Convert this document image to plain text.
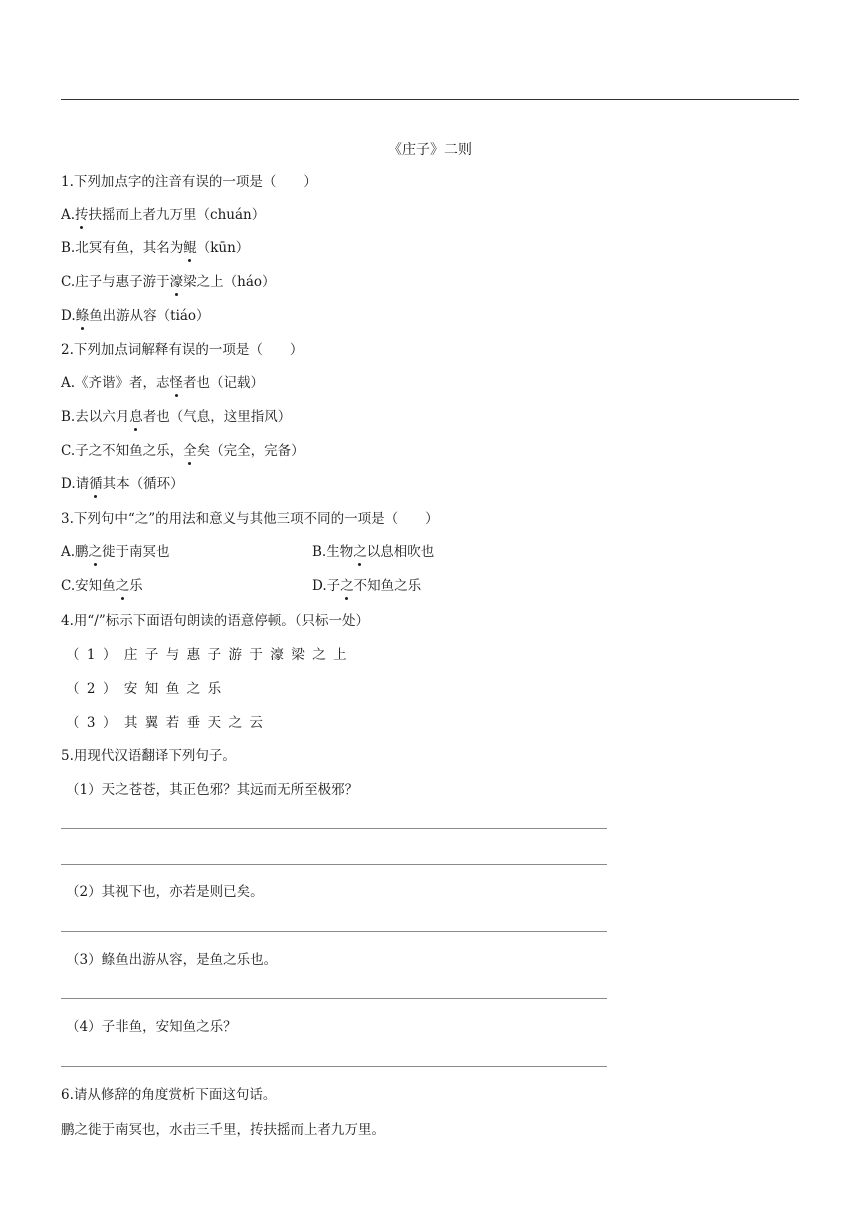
《庄子》二则
1.下列加点字的注音有误的一项是（　　）
A.抟扶摇而上者九万里（chuán）
B.北冥有鱼，其名为鲲（kūn）
C.庄子与惠子游于濠梁之上（háo）
D.鲦鱼出游从容（tiáo）
2.下列加点词解释有误的一项是（　　）
A.《齐谐》者，志怪者也（记载）
B.去以六月息者也（气息，这里指风）
C.子之不知鱼之乐，全矣（完全，完备）
D.请循其本（循环）
3.下列句中“之”的用法和意义与其他三项不同的一项是（　　）
A.鹏之徙于南冥也	B.生物之以息相吹也
C.安知鱼之乐	D.子之不知鱼之乐
4.用“/”标示下面语句朗读的语意停顿。（只标一处）
（1）庄子与惠子游于濠梁之上
（2）安知鱼之乐
（3）其翼若垂天之云
5.用现代汉语翻译下列句子。
（1）天之苍苍，其正色邪？其远而无所至极邪？
（2）其视下也，亦若是则已矣。
（3）鲦鱼出游从容，是鱼之乐也。
（4）子非鱼，安知鱼之乐？
6.请从修辞的角度赏析下面这句话。
鹏之徙于南冥也，水击三千里，抟扶摇而上者九万里。
